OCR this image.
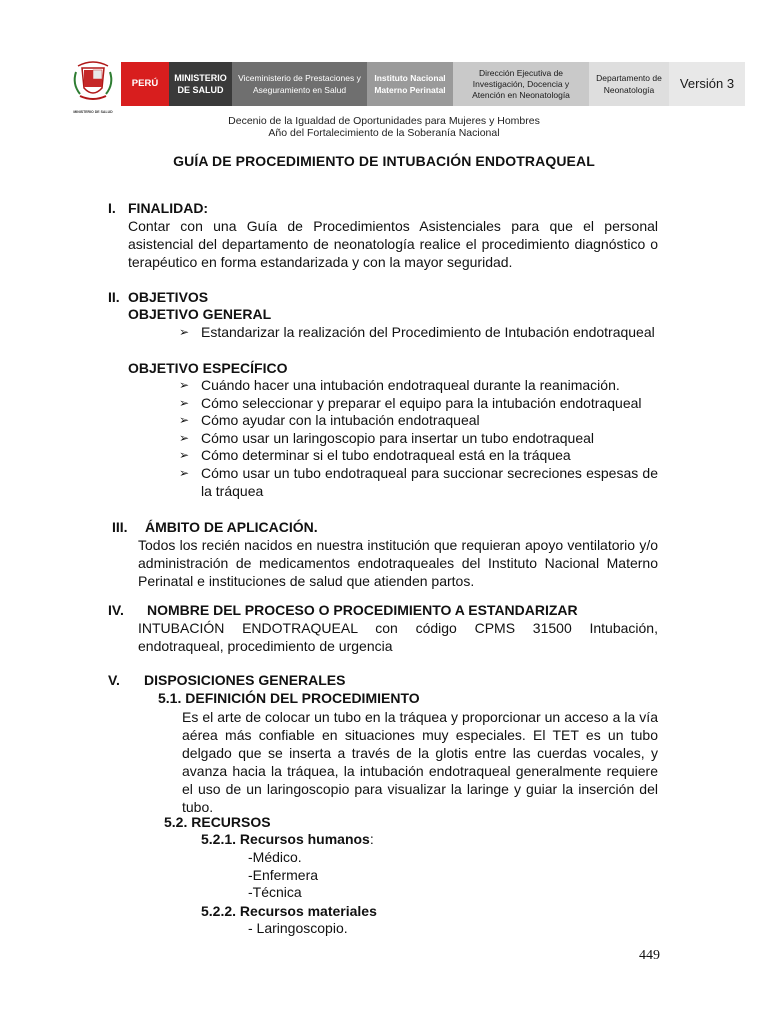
MINISTERIO DE SALUD
PERÚ	MINISTERIO DE SALUD
Viceministerio de Prestaciones y Aseguramiento en Salud
Instituto Nacional Materno Perinatal
Dirección Ejecutiva de Investigación, Docencia y Atención en Neonatología
Departamento de Neonatología	Versión 3
Decenio de la Igualdad de Oportunidades para Mujeres y Hombres
Año del Fortalecimiento de la Soberanía Nacional
GUÍA DE PROCEDIMIENTO DE INTUBACIÓN ENDOTRAQUEAL
I. FINALIDAD:
Contar con una Guía de Procedimientos Asistenciales para que el personal asistencial del departamento de neonatología realice el procedimiento diagnóstico o terapéutico en forma estandarizada y con la mayor seguridad.
II. OBJETIVOS
OBJETIVO GENERAL
➢ Estandarizar la realización del Procedimiento de Intubación endotraqueal
OBJETIVO ESPECÍFICO
➢ Cuándo hacer una intubación endotraqueal durante la reanimación.
➢ Cómo seleccionar y preparar el equipo para la intubación endotraqueal
➢ Cómo ayudar con la intubación endotraqueal
➢ Cómo usar un laringoscopio para insertar un tubo endotraqueal
➢ Cómo determinar si el tubo endotraqueal está en la tráquea
➢ Cómo usar un tubo endotraqueal para succionar secreciones espesas de la tráquea
III. ÁMBITO DE APLICACIÓN.
Todos los recién nacidos en nuestra institución que requieran apoyo ventilatorio y/o administración de medicamentos endotraqueales del Instituto Nacional Materno Perinatal e instituciones de salud que atienden partos.
IV. NOMBRE DEL PROCESO O PROCEDIMIENTO A ESTANDARIZAR
INTUBACIÓN ENDOTRAQUEAL con código CPMS 31500 Intubación, endotraqueal, procedimiento de urgencia
V. DISPOSICIONES GENERALES
5.1. DEFINICIÓN DEL PROCEDIMIENTO
Es el arte de colocar un tubo en la tráquea y proporcionar un acceso a la vía aérea más confiable en situaciones muy especiales. El TET es un tubo delgado que se inserta a través de la glotis entre las cuerdas vocales, y avanza hacia la tráquea, la intubación endotraqueal generalmente requiere el uso de un laringoscopio para visualizar la laringe y guiar la inserción del tubo.
5.2. RECURSOS
5.2.1. Recursos humanos:
-Médico.
-Enfermera
-Técnica
5.2.2. Recursos materiales
- Laringoscopio.
449
